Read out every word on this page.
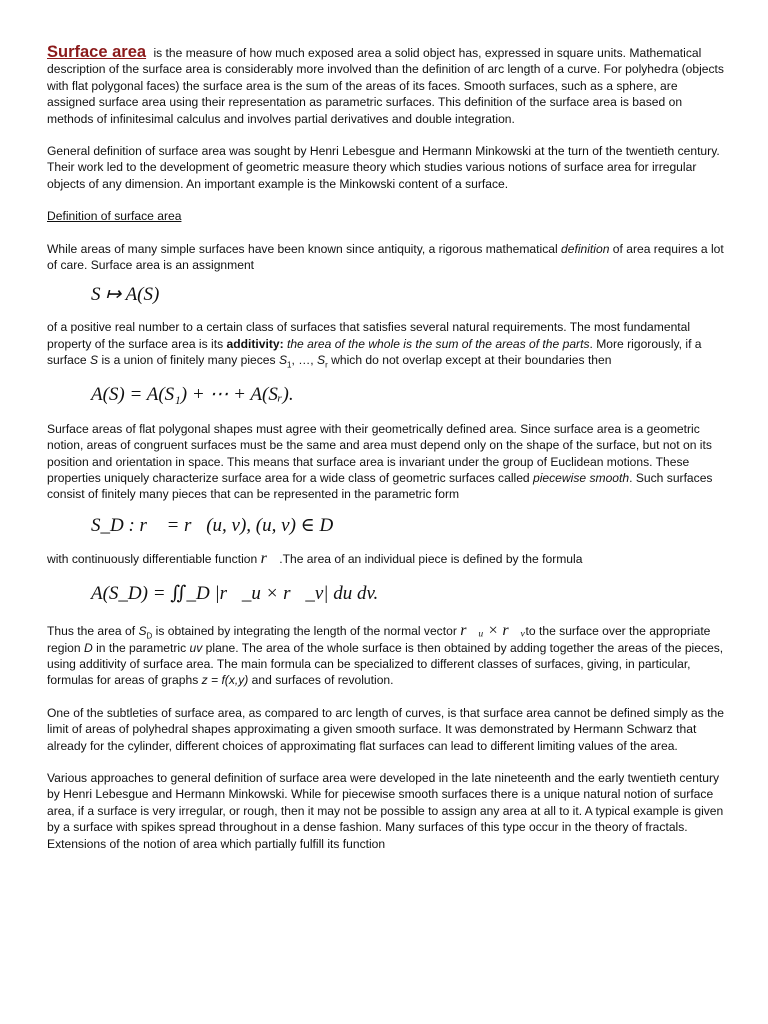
Surface area is the measure of how much exposed area a solid object has, expressed in square units. Mathematical description of the surface area is considerably more involved than the definition of arc length of a curve. For polyhedra (objects with flat polygonal faces) the surface area is the sum of the areas of its faces. Smooth surfaces, such as a sphere, are assigned surface area using their representation as parametric surfaces. This definition of the surface area is based on methods of infinitesimal calculus and involves partial derivatives and double integration.

General definition of surface area was sought by Henri Lebesgue and Hermann Minkowski at the turn of the twentieth century. Their work led to the development of geometric measure theory which studies various notions of surface area for irregular objects of any dimension. An important example is the Minkowski content of a surface.

Definition of surface area

While areas of many simple surfaces have been known since antiquity, a rigorous mathematical definition of area requires a lot of care. Surface area is an assignment

S ↦ A(S)

of a positive real number to a certain class of surfaces that satisfies several natural requirements. The most fundamental property of the surface area is its additivity: the area of the whole is the sum of the areas of the parts. More rigorously, if a surface S is a union of finitely many pieces $S_1$, …, $S_r$ which do not overlap except at their boundaries then

A(S) = A(S₁) + ⋯ + A(Sᵣ).

Surface areas of flat polygonal shapes must agree with their geometrically defined area. Since surface area is a geometric notion, areas of congruent surfaces must be the same and area must depend only on the shape of the surface, but not on its position and orientation in space. This means that surface area is invariant under the group of Euclidean motions. These properties uniquely characterize surface area for a wide class of geometric surfaces called piecewise smooth. Such surfaces consist of finitely many pieces that can be represented in the parametric form

S_D : r⃗ = r⃗(u, v), (u, v) ∈ D

with continuously differentiable function r⃗.The area of an individual piece is defined by the formula

A(S_D) = ∬_D |r⃗_u × r⃗_v| du dv.

Thus the area of $S_D$ is obtained by integrating the length of the normal vector r⃗ᵤ × r⃗ᵥto the surface over the appropriate region D in the parametric uv plane. The area of the whole surface is then obtained by adding together the areas of the pieces, using additivity of surface area. The main formula can be specialized to different classes of surfaces, giving, in particular, formulas for areas of graphs z = f(x,y) and surfaces of revolution.

One of the subtleties of surface area, as compared to arc length of curves, is that surface area cannot be defined simply as the limit of areas of polyhedral shapes approximating a given smooth surface. It was demonstrated by Hermann Schwarz that already for the cylinder, different choices of approximating flat surfaces can lead to different limiting values of the area.

Various approaches to general definition of surface area were developed in the late nineteenth and the early twentieth century by Henri Lebesgue and Hermann Minkowski. While for piecewise smooth surfaces there is a unique natural notion of surface area, if a surface is very irregular, or rough, then it may not be possible to assign any area at all to it. A typical example is given by a surface with spikes spread throughout in a dense fashion. Many surfaces of this type occur in the theory of fractals. Extensions of the notion of area which partially fulfill its function
